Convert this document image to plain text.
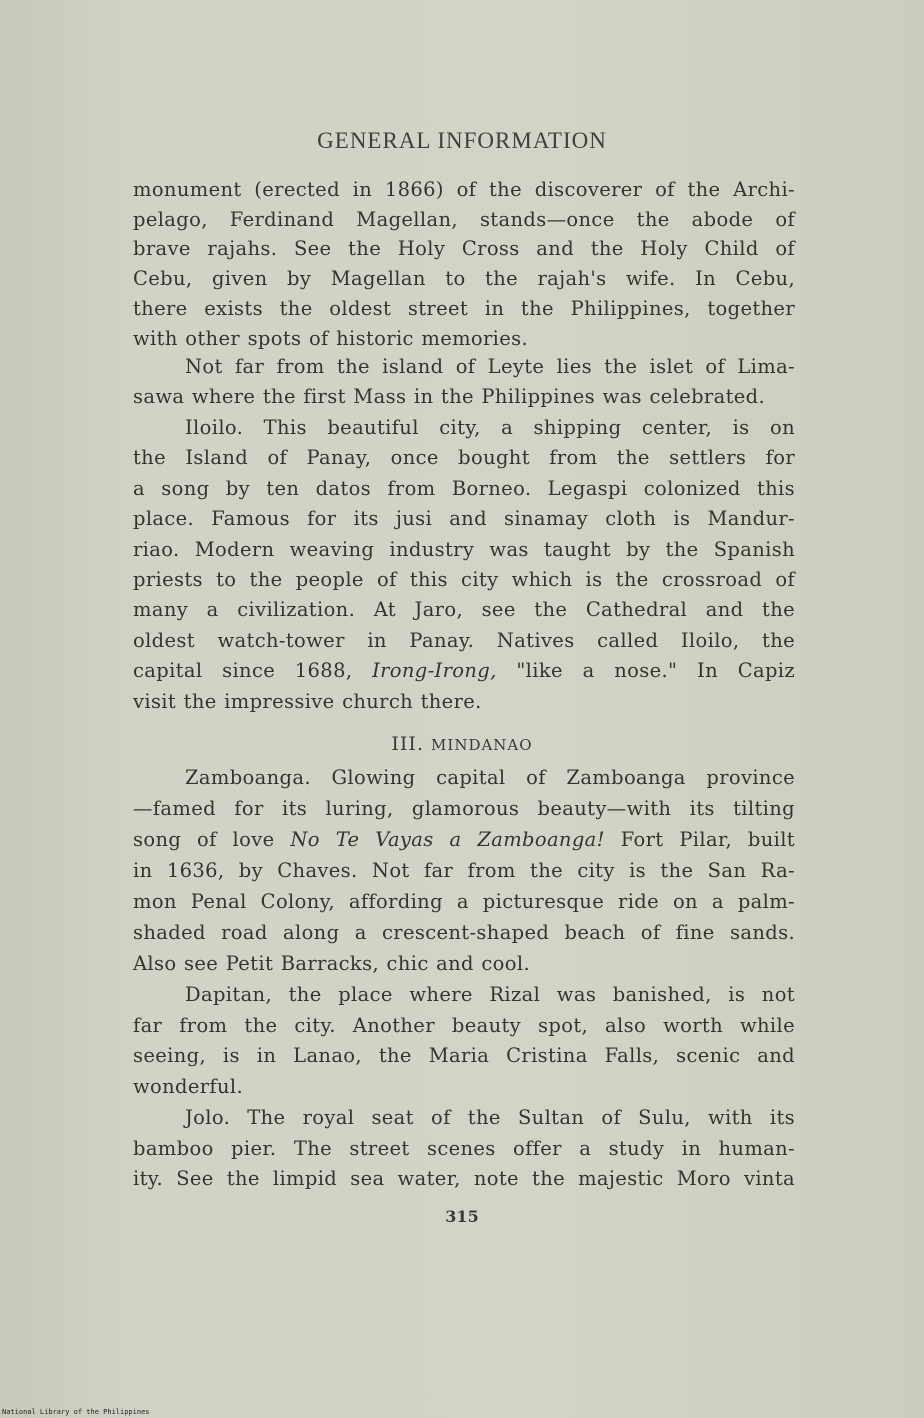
GENERAL INFORMATION
monument (erected in 1866) of the discoverer of the Archi-
pelago, Ferdinand Magellan, stands—once the abode of
brave rajahs. See the Holy Cross and the Holy Child of
Cebu, given by Magellan to the rajah's wife. In Cebu,
there exists the oldest street in the Philippines, together
with other spots of historic memories.
Not far from the island of Leyte lies the islet of Lima-
sawa where the first Mass in the Philippines was celebrated.
Iloilo. This beautiful city, a shipping center, is on
the Island of Panay, once bought from the settlers for
a song by ten datos from Borneo. Legaspi colonized this
place. Famous for its jusi and sinamay cloth is Mandur-
riao. Modern weaving industry was taught by the Spanish
priests to the people of this city which is the crossroad of
many a civilization. At Jaro, see the Cathedral and the
oldest watch-tower in Panay. Natives called Iloilo, the
capital since 1688, Irong-Irong, "like a nose." In Capiz
visit the impressive church there.
III. MINDANAO
Zamboanga. Glowing capital of Zamboanga province
—famed for its luring, glamorous beauty—with its tilting
song of love No Te Vayas a Zamboanga! Fort Pilar, built
in 1636, by Chaves. Not far from the city is the San Ra-
mon Penal Colony, affording a picturesque ride on a palm-
shaded road along a crescent-shaped beach of fine sands.
Also see Petit Barracks, chic and cool.
Dapitan, the place where Rizal was banished, is not
far from the city. Another beauty spot, also worth while
seeing, is in Lanao, the Maria Cristina Falls, scenic and
wonderful.
Jolo. The royal seat of the Sultan of Sulu, with its
bamboo pier. The street scenes offer a study in human-
ity. See the limpid sea water, note the majestic Moro vinta
315
National Library of the Philippines
